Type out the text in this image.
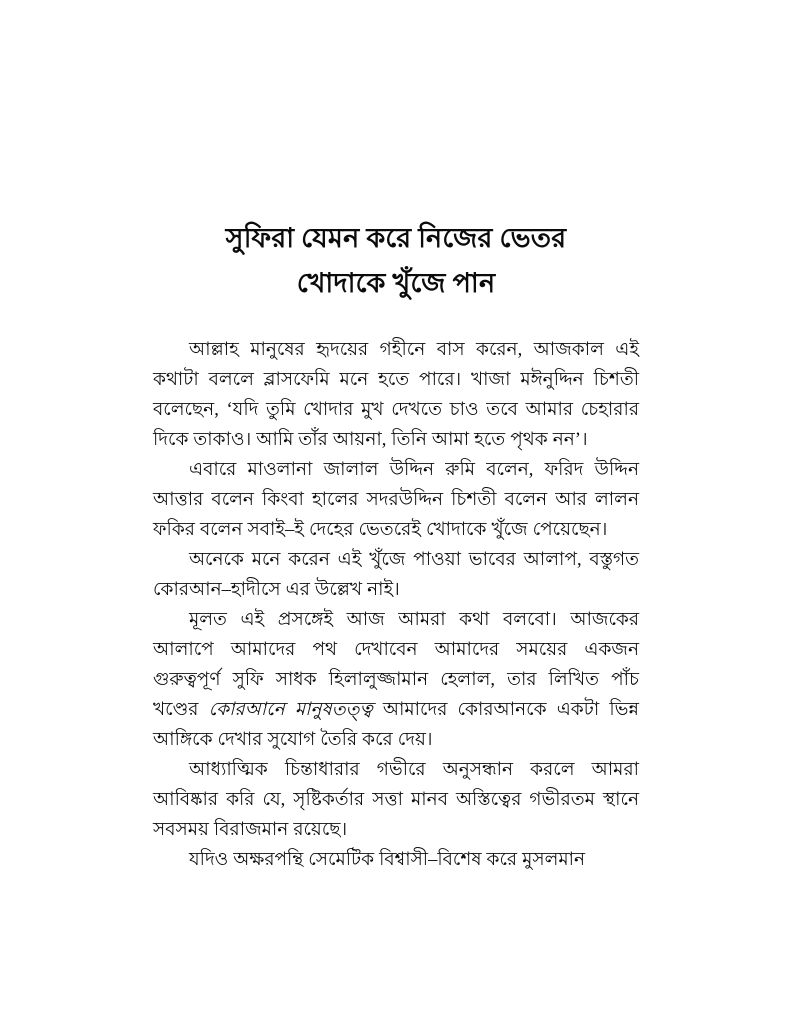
সুফিরা যেমন করে নিজের ভেতর
খোদাকে খুঁজে পান

আল্লাহ মানুষের হৃদয়ের গহীনে বাস করেন, আজকাল এই কথাটা বললে ব্লাসফেমি মনে হতে পারে। খাজা মঈনুদ্দিন চিশতী বলেছেন, ‘যদি তুমি খোদার মুখ দেখতে চাও তবে আমার চেহারার দিকে তাকাও। আমি তাঁর আয়না, তিনি আমা হতে পৃথক নন’।

এবারে মাওলানা জালাল উদ্দিন রুমি বলেন, ফরিদ উদ্দিন আত্তার বলেন কিংবা হালের সদরউদ্দিন চিশতী বলেন আর লালন ফকির বলেন সবাই–ই দেহের ভেতরেই খোদাকে খুঁজে পেয়েছেন।

অনেকে মনে করেন এই খুঁজে পাওয়া ভাবের আলাপ, বস্তুগত কোরআন–হাদীসে এর উল্লেখ নাই।

মূলত এই প্রসঙ্গেই আজ আমরা কথা বলবো। আজকের আলাপে আমাদের পথ দেখাবেন আমাদের সময়ের একজন গুরুত্বপূর্ণ সুফি সাধক হিলালুজ্জামান হেলাল, তার লিখিত পাঁচ খণ্ডের কোরআনে মানুষতত্ত্ব আমাদের কোরআনকে একটা ভিন্ন আঙ্গিকে দেখার সুযোগ তৈরি করে দেয়।

আধ্যাত্মিক চিন্তাধারার গভীরে অনুসন্ধান করলে আমরা আবিষ্কার করি যে, সৃষ্টিকর্তার সত্তা মানব অস্তিত্বের গভীরতম স্থানে সবসময় বিরাজমান রয়েছে।

যদিও অক্ষরপন্থি সেমেটিক বিশ্বাসী–বিশেষ করে মুসলমান
